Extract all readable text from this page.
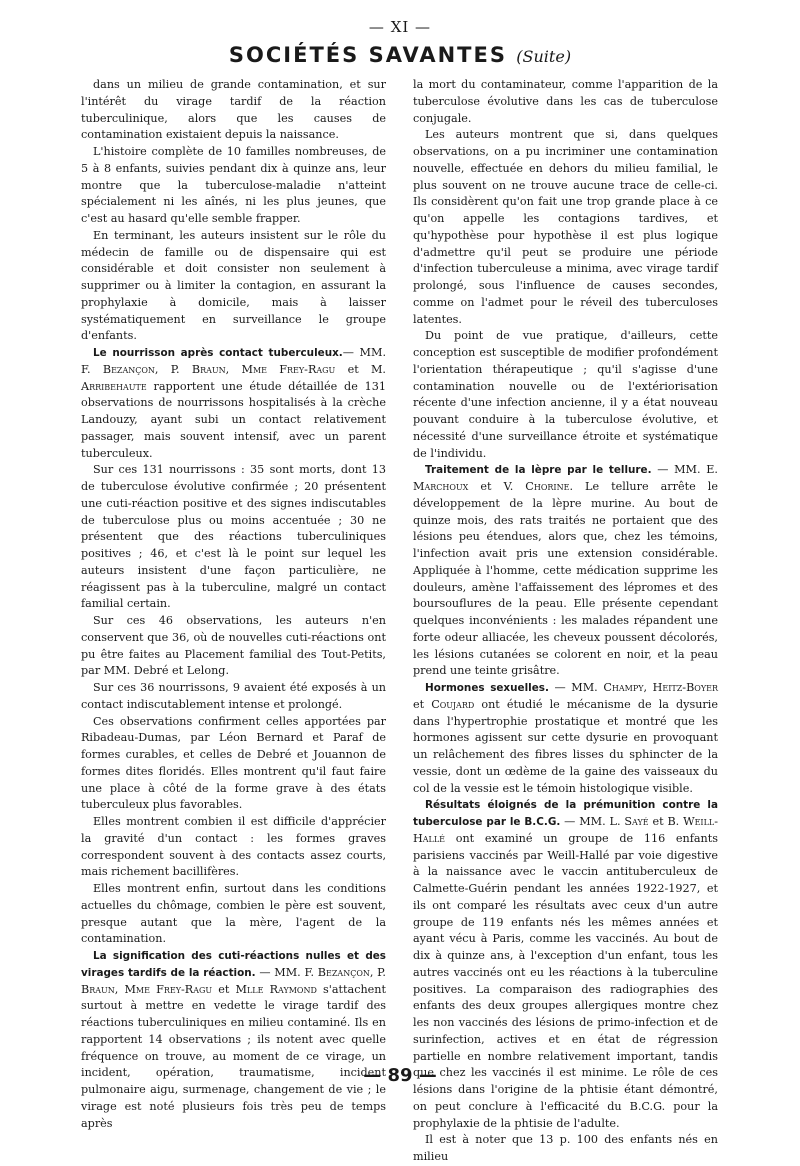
— XI —
SOCIÉTÉS SAVANTES (Suite)

dans un milieu de grande contamination, et sur l'intérêt du virage tardif de la réaction tuberculinique, alors que les causes de contamination existaient depuis la naissance.

L'histoire complète de 10 familles nombreuses, de 5 à 8 enfants, suivies pendant dix à quinze ans, leur montre que la tuberculose-maladie n'atteint spécialement ni les aînés, ni les plus jeunes, que c'est au hasard qu'elle semble frapper.

En terminant, les auteurs insistent sur le rôle du médecin de famille ou de dispensaire qui est considérable et doit consister non seulement à supprimer ou à limiter la contagion, en assurant la prophylaxie à domicile, mais à laisser systématiquement en surveillance le groupe d'enfants.

Le nourrisson après contact tuberculeux.— MM. F. Bezançon, P. Braun, Mme Frey-Ragu et M. Arribehaute rapportent une étude détaillée de 131 observations de nourrissons hospitalisés à la crèche Landouzy, ayant subi un contact relativement passager, mais souvent intensif, avec un parent tuberculeux.

Sur ces 131 nourrissons : 35 sont morts, dont 13 de tuberculose évolutive confirmée ; 20 présentent une cuti-réaction positive et des signes indiscutables de tuberculose plus ou moins accentuée ; 30 ne présentent que des réactions tuberculiniques positives ; 46, et c'est là le point sur lequel les auteurs insistent d'une façon particulière, ne réagissent pas à la tuberculine, malgré un contact familial certain.

Sur ces 46 observations, les auteurs n'en conservent que 36, où de nouvelles cuti-réactions ont pu être faites au Placement familial des Tout-Petits, par MM. Debré et Lelong.

Sur ces 36 nourrissons, 9 avaient été exposés à un contact indiscutablement intense et prolongé.

Ces observations confirment celles apportées par Ribadeau-Dumas, par Léon Bernard et Paraf de formes curables, et celles de Debré et Jouannon de formes dites floridés. Elles montrent qu'il faut faire une place à côté de la forme grave à des états tuberculeux plus favorables.

Elles montrent combien il est difficile d'apprécier la gravité d'un contact : les formes graves correspondent souvent à des contacts assez courts, mais richement bacillifères.

Elles montrent enfin, surtout dans les conditions actuelles du chômage, combien le père est souvent, presque autant que la mère, l'agent de la contamination.

La signification des cuti-réactions nulles et des virages tardifs de la réaction. — MM. F. Bezançon, P. Braun, Mme Frey-Ragu et Mlle Raymond s'attachent surtout à mettre en vedette le virage tardif des réactions tuberculiniques en milieu contaminé. Ils en rapportent 14 observations ; ils notent avec quelle fréquence on trouve, au moment de ce virage, un incident, opération, traumatisme, incident pulmonaire aigu, surmenage, changement de vie ; le virage est noté plusieurs fois très peu de temps après

la mort du contaminateur, comme l'apparition de la tuberculose évolutive dans les cas de tuberculose conjugale.

Les auteurs montrent que si, dans quelques observations, on a pu incriminer une contamination nouvelle, effectuée en dehors du milieu familial, le plus souvent on ne trouve aucune trace de celle-ci. Ils considèrent qu'on fait une trop grande place à ce qu'on appelle les contagions tardives, et qu'hypothèse pour hypothèse il est plus logique d'admettre qu'il peut se produire une période d'infection tuberculeuse a minima, avec virage tardif prolongé, sous l'influence de causes secondes, comme on l'admet pour le réveil des tuberculoses latentes.

Du point de vue pratique, d'ailleurs, cette conception est susceptible de modifier profondément l'orientation thérapeutique ; qu'il s'agisse d'une contamination nouvelle ou de l'extériorisation récente d'une infection ancienne, il y a état nouveau pouvant conduire à la tuberculose évolutive, et nécessité d'une surveillance étroite et systématique de l'individu.

Traitement de la lèpre par le tellure. — MM. E. Marchoux et V. Chorine. Le tellure arrête le développement de la lèpre murine. Au bout de quinze mois, des rats traités ne portaient que des lésions peu étendues, alors que, chez les témoins, l'infection avait pris une extension considérable. Appliquée à l'homme, cette médication supprime les douleurs, amène l'affaissement des lépromes et des boursouflures de la peau. Elle présente cependant quelques inconvénients : les malades répandent une forte odeur alliacée, les cheveux poussent décolorés, les lésions cutanées se colorent en noir, et la peau prend une teinte grisâtre.

Hormones sexuelles. — MM. Champy, Heitz-Boyer et Coujard ont étudié le mécanisme de la dysurie dans l'hypertrophie prostatique et montré que les hormones agissent sur cette dysurie en provoquant un relâchement des fibres lisses du sphincter de la vessie, dont un œdème de la gaine des vaisseaux du col de la vessie est le témoin histologique visible.

Résultats éloignés de la prémunition contre la tuberculose par le B.C.G. — MM. L. Sayé et B. Weill-Hallé ont examiné un groupe de 116 enfants parisiens vaccinés par Weill-Hallé par voie digestive à la naissance avec le vaccin antituberculeux de Calmette-Guérin pendant les années 1922-1927, et ils ont comparé les résultats avec ceux d'un autre groupe de 119 enfants nés les mêmes années et ayant vécu à Paris, comme les vaccinés. Au bout de dix à quinze ans, à l'exception d'un enfant, tous les autres vaccinés ont eu les réactions à la tuberculine positives. La comparaison des radiographies des enfants des deux groupes allergiques montre chez les non vaccinés des lésions de primo-infection et de surinfection, actives et en état de régression partielle en nombre relativement important, tandis que chez les vaccinés il est minime. Le rôle de ces lésions dans l'origine de la phtisie étant démontré, on peut conclure à l'efficacité du B.C.G. pour la prophylaxie de la phtisie de l'adulte.

Il est à noter que 13 p. 100 des enfants nés en milieu

— 89 —
